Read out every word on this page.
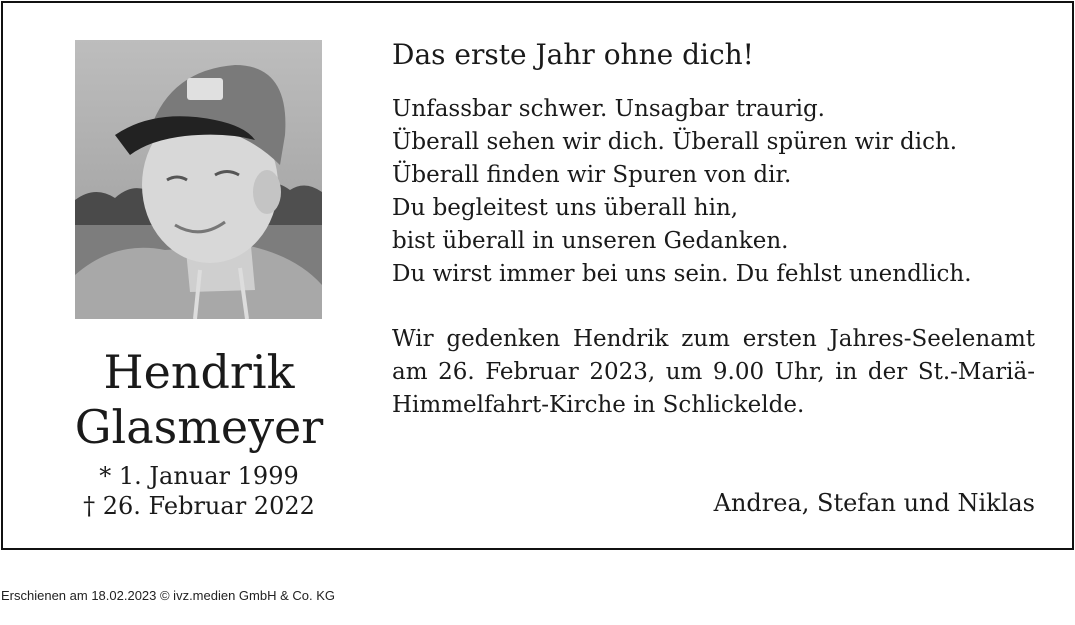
Hendrik
Glasmeyer
* 1. Januar 1999
† 26. Februar 2022
Das erste Jahr ohne dich!
Unfassbar schwer. Unsagbar traurig.
Überall sehen wir dich. Überall spüren wir dich.
Überall finden wir Spuren von dir.
Du begleitest uns überall hin,
bist überall in unseren Gedanken.
Du wirst immer bei uns sein. Du fehlst unendlich.
Wir gedenken Hendrik zum ersten Jahres-Seelenamt am 26. Februar 2023, um 9.00 Uhr, in der St.-Mariä-Himmelfahrt-Kirche in Schlickelde.
Andrea, Stefan und Niklas
Erschienen am 18.02.2023 © ivz.medien GmbH & Co. KG
